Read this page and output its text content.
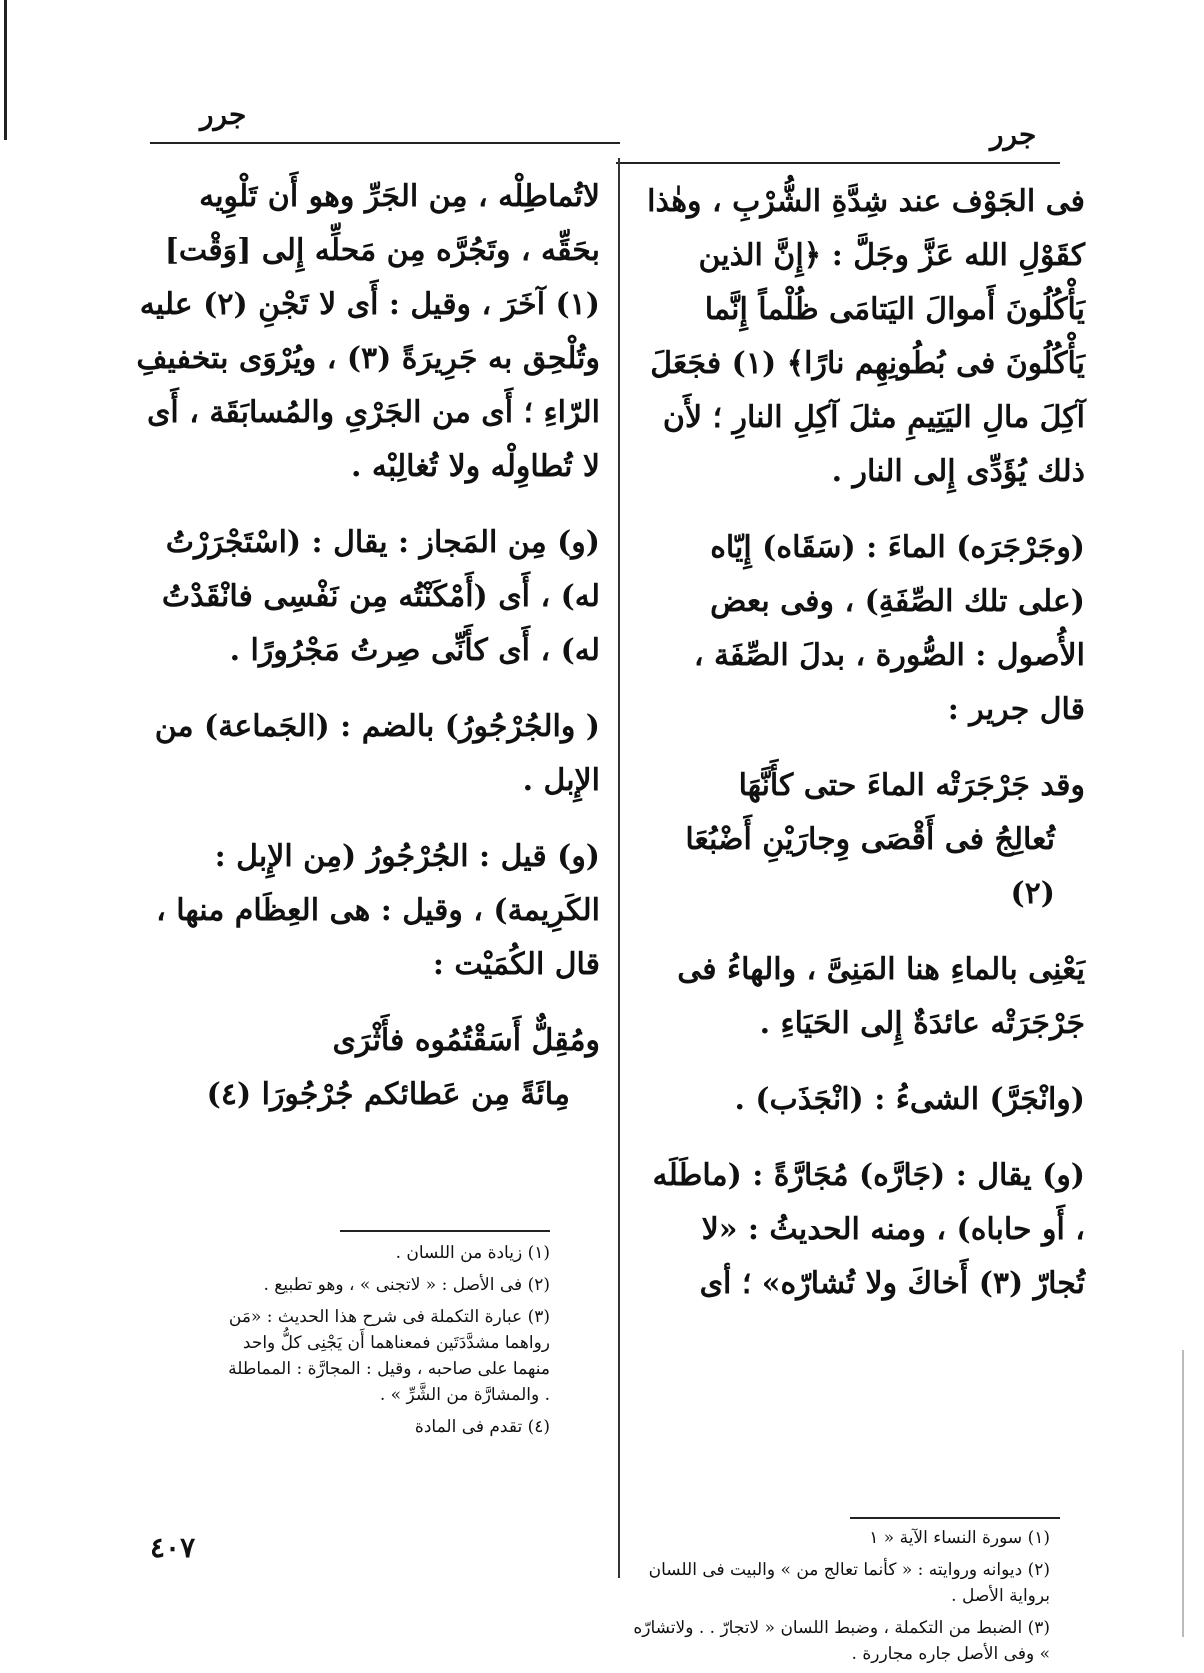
جرر
جرر

فى الجَوْف عند شِدَّةِ الشُّرْبِ ، وهٰذا كقَوْلِ الله عَزَّ وجَلَّ : ﴿إِنَّ الذين يَأْكُلُونَ أَموالَ اليَتامَى ظُلْماً إِنَّما يَأْكُلُونَ فى بُطُونِهِم نارًا﴾ (١) فجَعَلَ آكِلَ مالِ اليَتِيمِ مثلَ آكِلِ النارِ ؛ لأَن ذلك يُؤَدِّى إِلى النار .

(وجَرْجَرَه) الماءَ : (سَقَاه) إِيّاه (على تلك الصِّفَةِ) ، وفى بعض الأُصول : الصُّورة ، بدلَ الصِّفَة ، قال جرير :

وقد جَرْجَرَتْه الماءَ حتى كأَنَّهَا
تُعالِجُ فى أَقْصَى وِجارَيْنِ أَضْبُعَا (٢)

يَعْنِى بالماءِ هنا المَنِىَّ ، والهاءُ فى جَرْجَرَتْه عائدَةٌ إِلى الحَيَاءِ .

(وانْجَرَّ) الشىءُ : (انْجَذَب) .

(و) يقال : (جَارَّه) مُجَارَّةً : (ماطَلَه ، أَو حاباه) ، ومنه الحديثُ : «لا تُجارّ (٣) أَخاكَ ولا تُشارّه» ؛ أى

لاتُماطِلْه ، مِن الجَرِّ وهو أَن تَلْوِيه بحَقِّه ، وتَجُرَّه مِن مَحلِّه إِلى [وَقْت] (١) آخَرَ ، وقيل : أَى لا تَجْنِ (٢) عليه وتُلْحِق به جَرِيرَةً (٣) ، ويُرْوَى بتخفيفِ الرّاءِ ؛ أَى من الجَرْىِ والمُسابَقَة ، أَى لا تُطاوِلْه ولا تُغالِبْه .

(و) مِن المَجاز : يقال : (اسْتَجْرَرْتُ له) ، أَى (أَمْكَنْتُه مِن نَفْسِى فانْقَدْتُ له) ، أَى كأَنِّى صِرتُ مَجْرُورًا .

( والجُرْجُورُ) بالضم : (الجَماعة) من الإِبل .

(و) قيل : الجُرْجُورُ (مِن الإِبل : الكَرِيمة) ، وقيل : هى العِظَام منها ، قال الكُمَيْت :

ومُقِلٌّ أَسَقْتُمُوه فأَثْرَى
مِائَةً مِن عَطائكم جُرْجُورَا (٤)
(١) زيادة من اللسان .
(٢) فى الأصل : « لاتجنى » ، وهو تطبيع .
(٣) عبارة التكملة فى شرح هذا الحديث : «مَن رواهما مشدَّدَتَين فمعناهما أَن يَجْنِى كلُّ واحد منهما على صاحبه ، وقيل : المجارَّة : المماطلة . والمشارَّة من الشَّرِّ » .
(٤) تقدم فى المادة
(١) سورة النساء الآية « ١
(٢) ديوانه وروايته : « كأنما تعالج من » والبيت فى اللسان برواية الأصل .
(٣) الضبط من التكملة ، وضبط اللسان « لاتجارّ . . ولاتشارّه » وفى الأصل جاره مجاررة .
٤٠٧
